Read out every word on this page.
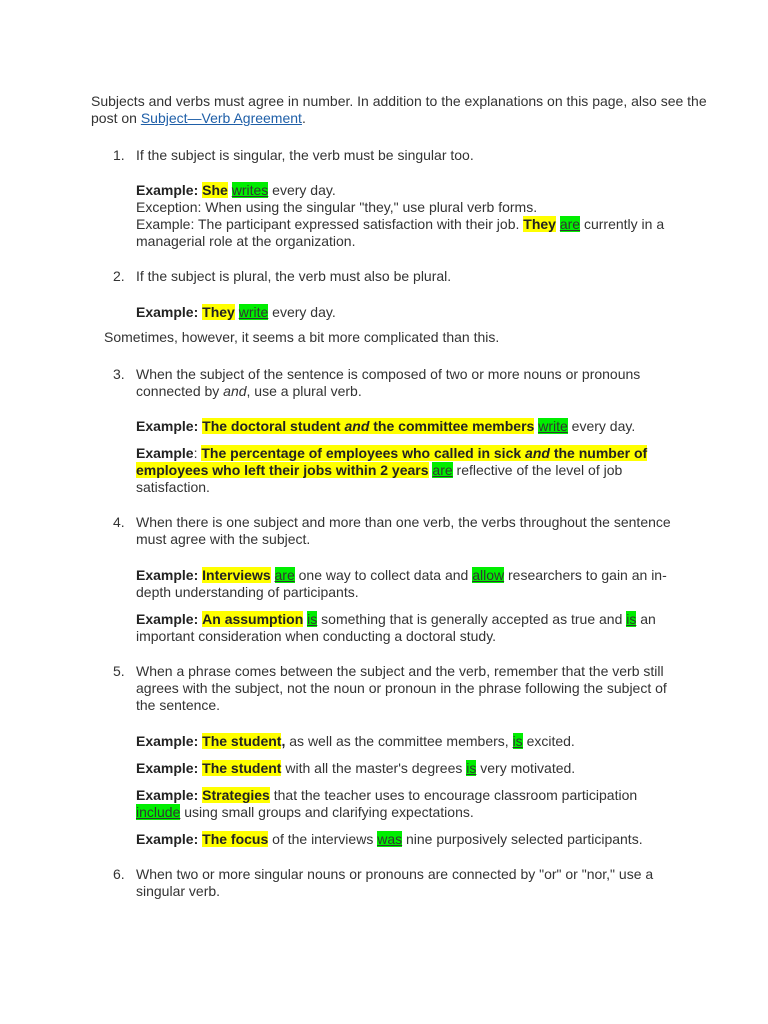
Subjects and verbs must agree in number. In addition to the explanations on this page, also see the post on Subject—Verb Agreement.
1. If the subject is singular, the verb must be singular too.
Example: She writes every day.
Exception: When using the singular "they," use plural verb forms.
Example: The participant expressed satisfaction with their job. They are currently in a managerial role at the organization.
2. If the subject is plural, the verb must also be plural.
Example: They write every day.
Sometimes, however, it seems a bit more complicated than this.
3. When the subject of the sentence is composed of two or more nouns or pronouns connected by and, use a plural verb.
Example: The doctoral student and the committee members write every day.
Example: The percentage of employees who called in sick and the number of employees who left their jobs within 2 years are reflective of the level of job satisfaction.
4. When there is one subject and more than one verb, the verbs throughout the sentence must agree with the subject.
Example: Interviews are one way to collect data and allow researchers to gain an in-depth understanding of participants.
Example: An assumption is something that is generally accepted as true and is an important consideration when conducting a doctoral study.
5. When a phrase comes between the subject and the verb, remember that the verb still agrees with the subject, not the noun or pronoun in the phrase following the subject of the sentence.
Example: The student, as well as the committee members, is excited.
Example: The student with all the master's degrees is very motivated.
Example: Strategies that the teacher uses to encourage classroom participation include using small groups and clarifying expectations.
Example: The focus of the interviews was nine purposively selected participants.
6. When two or more singular nouns or pronouns are connected by "or" or "nor," use a singular verb.
